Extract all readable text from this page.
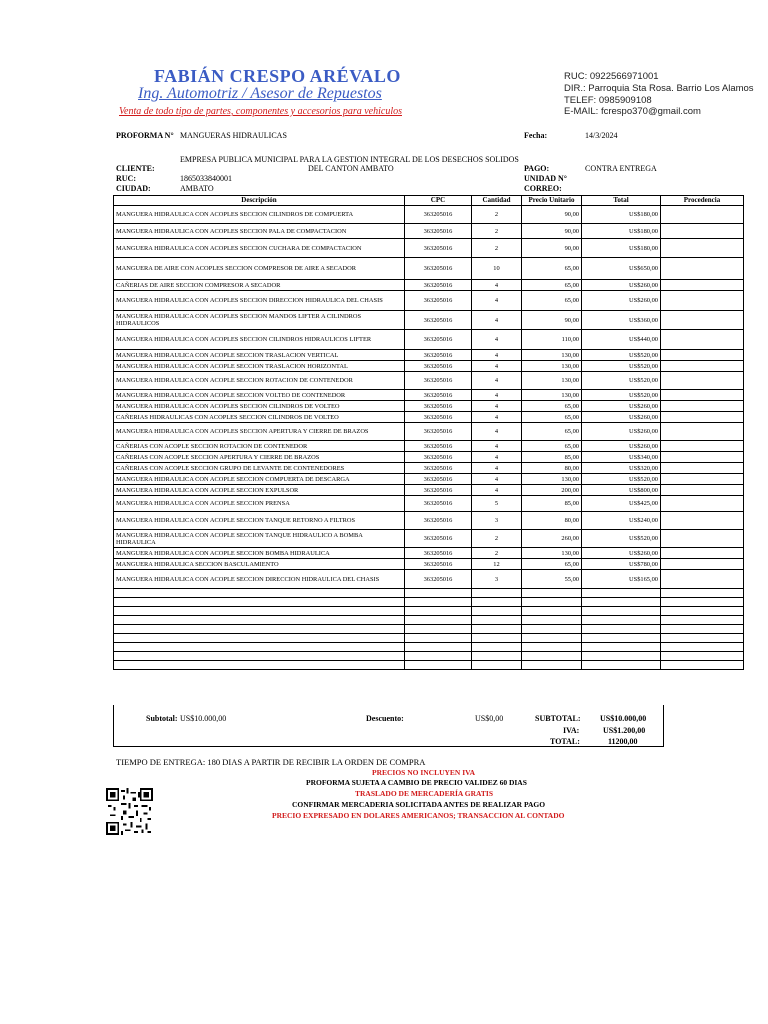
FABIÁN CRESPO ARÉVALO
Ing. Automotriz / Asesor de Repuestos
Venta de todo tipo de partes, componentes y accesorios para vehiculos
RUC: 0922566971001
DIR.: Parroquia Sta Rosa. Barrio Los Alamos
TELEF: 0985909108
E-MAIL: fcrespo370@gmail.com
PROFORMA N° MANGUERAS HIDRAULICAS	Fecha:	14/3/2024
EMPRESA PUBLICA MUNICIPAL PARA LA GESTION INTEGRAL DE LOS DESECHOS SOLIDOS
DEL CANTON AMBATO
CLIENTE:
RUC:	1865033840001
CIUDAD:	AMBATO
PAGO:	CONTRA ENTREGA
UNIDAD N°
CORREO:
Descripción	CPC	Cantidad	Precio Unitario	Total	Procedencia
MANGUERA HIDRAULICA CON ACOPLES SECCION CILINDROS DE COMPUERTA	363205016	2	90,00	US$180,00	
MANGUERA HIDRAULICA CON ACOPLES SECCION PALA DE COMPACTACION	363205016	2	90,00	US$180,00	
MANGUERA HIDRAULICA CON ACOPLES SECCION CUCHARA DE COMPACTACION	363205016	2	90,00	US$180,00	
MANGUERA DE AIRE CON ACOPLES SECCION COMPRESOR DE AIRE A SECADOR	363205016	10	65,00	US$650,00	
CAÑERIAS DE AIRE SECCION COMPRESOR A SECADOR	363205016	4	65,00	US$260,00	
MANGUERA HIDRAULICA CON ACOPLES SECCION DIRECCION HIDRAULICA DEL CHASIS	363205016	4	65,00	US$260,00	
MANGUERA HIDRAULICA CON ACOPLES SECCION MANDOS LIFTER A CILINDROS HIDRAULICOS	363205016	4	90,00	US$360,00	
MANGUERA HIDRAULICA CON ACOPLES SECCION CILINDROS HIDRAULICOS LIFTER	363205016	4	110,00	US$440,00	
MANGUERA HIDRAULICA CON ACOPLE SECCION TRASLACION VERTICAL	363205016	4	130,00	US$520,00	
MANGUERA HIDRAULICA CON ACOPLE SECCION TRASLACION HORIZONTAL	363205016	4	130,00	US$520,00	
MANGUERA HIDRAULICA CON ACOPLE SECCION ROTACION DE CONTENEDOR	363205016	4	130,00	US$520,00	
MANGUERA HIDRAULICA CON ACOPLE SECCION VOLTEO DE CONTENEDOR	363205016	4	130,00	US$520,00	
MANGUERA HIDRAULICA CON ACOPLES SECCION CILINDROS DE VOLTEO	363205016	4	65,00	US$260,00	
CAÑERIAS HIDRAULICAS CON ACOPLES SECCION CILINDROS DE VOLTEO	363205016	4	65,00	US$260,00	
MANGUERA HIDRAULICA CON ACOPLES SECCION APERTURA Y CIERRE DE BRAZOS	363205016	4	65,00	US$260,00	
CAÑERIAS CON ACOPLE SECCION ROTACION DE CONTENEDOR	363205016	4	65,00	US$260,00	
CAÑERIAS CON ACOPLE SECCION APERTURA Y CIERRE DE BRAZOS	363205016	4	85,00	US$340,00	
CAÑERIAS CON ACOPLE SECCION GRUPO DE LEVANTE DE CONTENEDORES	363205016	4	80,00	US$320,00	
MANGUERA HIDRAULICA CON ACOPLE SECCION COMPUERTA DE DESCARGA	363205016	4	130,00	US$520,00	
MANGUERA HIDRAULICA CON ACOPLE SECCION EXPULSOR	363205016	4	200,00	US$800,00	
MANGUERA HIDRAULICA CON ACOPLE SECCION PRENSA	363205016	5	85,00	US$425,00	
MANGUERA HIDRAULICA CON ACOPLE SECCION TANQUE RETORNO A FILTROS	363205016	3	80,00	US$240,00	
MANGUERA HIDRAULICA CON ACOPLE SECCION TANQUE HIDRAULICO A BOMBA HIDRAULICA	363205016	2	260,00	US$520,00	
MANGUERA HIDRAULICA CON ACOPLE SECCION BOMBA HIDRAULICA	363205016	2	130,00	US$260,00	
MANGUERA HIDRAULICA SECCION BASCULAMIENTO	363205016	12	65,00	US$780,00	
MANGUERA HIDRAULICA CON ACOPLE SECCION DIRECCION HIDRAULICA DEL CHASIS	363205016	3	55,00	US$165,00	

Subtotal: US$10.000,00	Descuento:	US$0,00	SUBTOTAL: US$10.000,00
IVA:	US$1.200,00
TOTAL:	11200,00
TIEMPO DE ENTREGA: 180 DIAS A PARTIR DE RECIBIR LA ORDEN DE COMPRA
PRECIOS NO INCLUYEN IVA
PROFORMA SUJETA A CAMBIO DE PRECIO VALIDEZ 60 DIAS
TRASLADO DE MERCADERÍA GRATIS
CONFIRMAR MERCADERIA SOLICITADA ANTES DE REALIZAR PAGO
PRECIO EXPRESADO EN DOLARES AMERICANOS; TRANSACCION AL CONTADO
